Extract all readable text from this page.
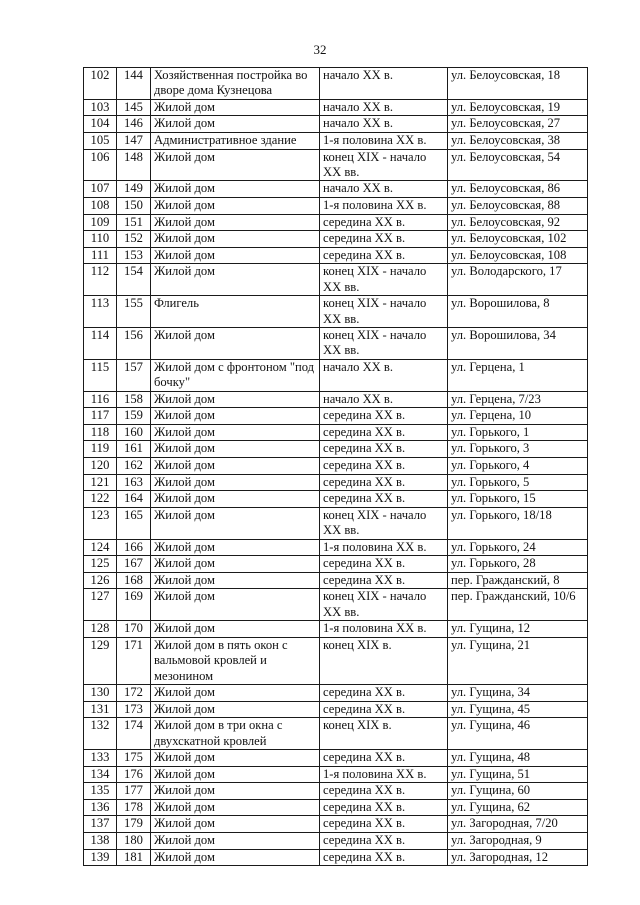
32
102	144	Хозяйственная постройка во дворе дома Кузнецова	начало XX в.	ул. Белоусовская, 18
103	145	Жилой дом	начало XX в.	ул. Белоусовская, 19
104	146	Жилой дом	начало XX в.	ул. Белоусовская, 27
105	147	Административное здание	1-я половина XX в.	ул. Белоусовская, 38
106	148	Жилой дом	конец XIX - начало XX вв.	ул. Белоусовская, 54
107	149	Жилой дом	начало XX в.	ул. Белоусовская, 86
108	150	Жилой дом	1-я половина XX в.	ул. Белоусовская, 88
109	151	Жилой дом	середина XX в.	ул. Белоусовская, 92
110	152	Жилой дом	середина XX в.	ул. Белоусовская, 102
111	153	Жилой дом	середина XX в.	ул. Белоусовская, 108
112	154	Жилой дом	конец XIX - начало XX вв.	ул. Володарского, 17
113	155	Флигель	конец XIX - начало XX вв.	ул. Ворошилова, 8
114	156	Жилой дом	конец XIX - начало XX вв.	ул. Ворошилова, 34
115	157	Жилой дом с фронтоном "под бочку"	начало XX в.	ул. Герцена, 1
116	158	Жилой дом	начало XX в.	ул. Герцена, 7/23
117	159	Жилой дом	середина XX в.	ул. Герцена, 10
118	160	Жилой дом	середина XX в.	ул. Горького, 1
119	161	Жилой дом	середина XX в.	ул. Горького, 3
120	162	Жилой дом	середина XX в.	ул. Горького, 4
121	163	Жилой дом	середина XX в.	ул. Горького, 5
122	164	Жилой дом	середина XX в.	ул. Горького, 15
123	165	Жилой дом	конец XIX - начало XX вв.	ул. Горького, 18/18
124	166	Жилой дом	1-я половина XX в.	ул. Горького, 24
125	167	Жилой дом	середина XX в.	ул. Горького, 28
126	168	Жилой дом	середина XX в.	пер. Гражданский, 8
127	169	Жилой дом	конец XIX - начало XX вв.	пер. Гражданский, 10/6
128	170	Жилой дом	1-я половина XX в.	ул. Гущина, 12
129	171	Жилой дом в пять окон с вальмовой кровлей и мезонином	конец XIX в.	ул. Гущина, 21
130	172	Жилой дом	середина XX в.	ул. Гущина, 34
131	173	Жилой дом	середина XX в.	ул. Гущина, 45
132	174	Жилой дом в три окна с двухскатной кровлей	конец XIX в.	ул. Гущина, 46
133	175	Жилой дом	середина XX в.	ул. Гущина, 48
134	176	Жилой дом	1-я половина XX в.	ул. Гущина, 51
135	177	Жилой дом	середина XX в.	ул. Гущина, 60
136	178	Жилой дом	середина XX в.	ул. Гущина, 62
137	179	Жилой дом	середина XX в.	ул. Загородная, 7/20
138	180	Жилой дом	середина XX в.	ул. Загородная, 9
139	181	Жилой дом	середина XX в.	ул. Загородная, 12
